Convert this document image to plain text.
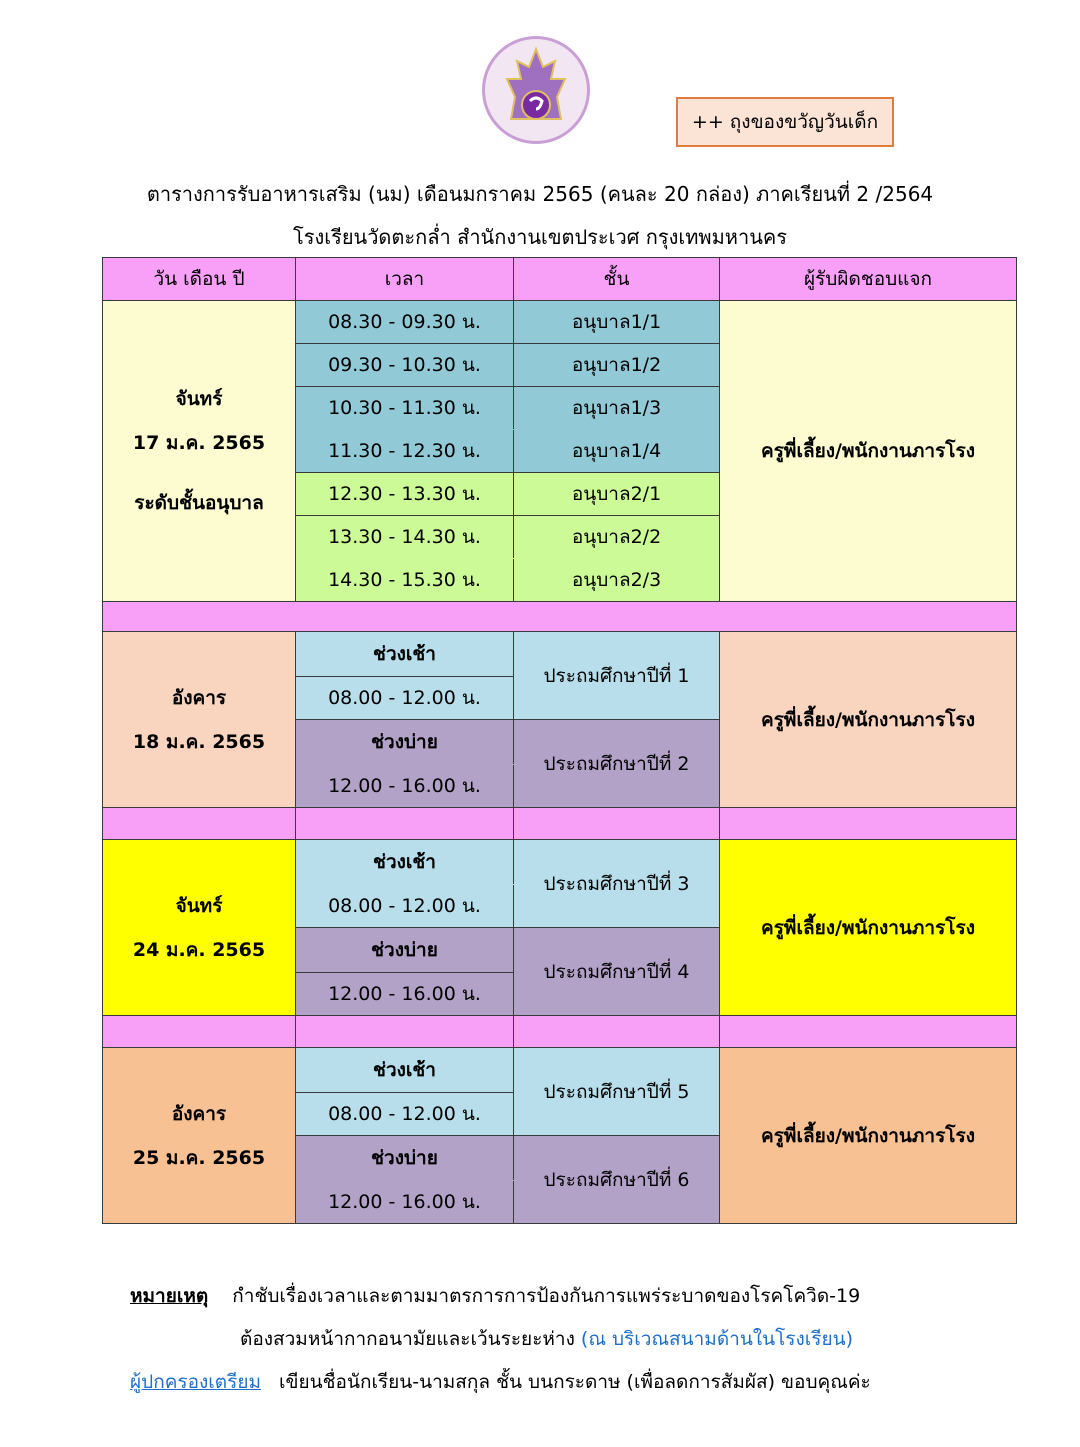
++ ถุงของขวัญวันเด็ก
ตารางการรับอาหารเสริม (นม) เดือนมกราคม 2565 (คนละ 20 กล่อง) ภาคเรียนที่ 2 /2564
โรงเรียนวัดตะกล่ำ สำนักงานเขตประเวศ กรุงเทพมหานคร
วัน เดือน ปี	เวลา	ชั้น	ผู้รับผิดชอบแจก

จันทร์
17 ม.ค. 2565
ระดับชั้นอนุบาล	08.30 - 09.30 น.	อนุบาล1/1	ครูพี่เลี้ยง/พนักงานภารโรง
	09.30 - 10.30 น.	อนุบาล1/2	
	10.30 - 11.30 น.	อนุบาล1/3	
	11.30 - 12.30 น.	อนุบาล1/4	
	12.30 - 13.30 น.	อนุบาล2/1	
	13.30 - 14.30 น.	อนุบาล2/2	
	14.30 - 15.30 น.	อนุบาล2/3	

อังคาร
18 ม.ค. 2565	ช่วงเช้า	ประถมศึกษาปีที่ 1	ครูพี่เลี้ยง/พนักงานภารโรง
	08.00 - 12.00 น.		
	ช่วงบ่าย	ประถมศึกษาปีที่ 2	
	12.00 - 16.00 น.		

จันทร์
24 ม.ค. 2565	ช่วงเช้า	ประถมศึกษาปีที่ 3	ครูพี่เลี้ยง/พนักงานภารโรง
	08.00 - 12.00 น.		
	ช่วงบ่าย	ประถมศึกษาปีที่ 4	
	12.00 - 16.00 น.		

อังคาร
25 ม.ค. 2565	ช่วงเช้า	ประถมศึกษาปีที่ 5	ครูพี่เลี้ยง/พนักงานภารโรง
	08.00 - 12.00 น.		
	ช่วงบ่าย	ประถมศึกษาปีที่ 6	
	12.00 - 16.00 น.		
หมายเหตุ กำชับเรื่องเวลาและตามมาตรการการป้องกันการแพร่ระบาดของโรคโควิด-19
ต้องสวมหน้ากากอนามัยและเว้นระยะห่าง (ณ บริเวณสนามด้านในโรงเรียน)
ผู้ปกครองเตรียม เขียนชื่อนักเรียน-นามสกุล ชั้น บนกระดาษ (เพื่อลดการสัมผัส) ขอบคุณค่ะ
